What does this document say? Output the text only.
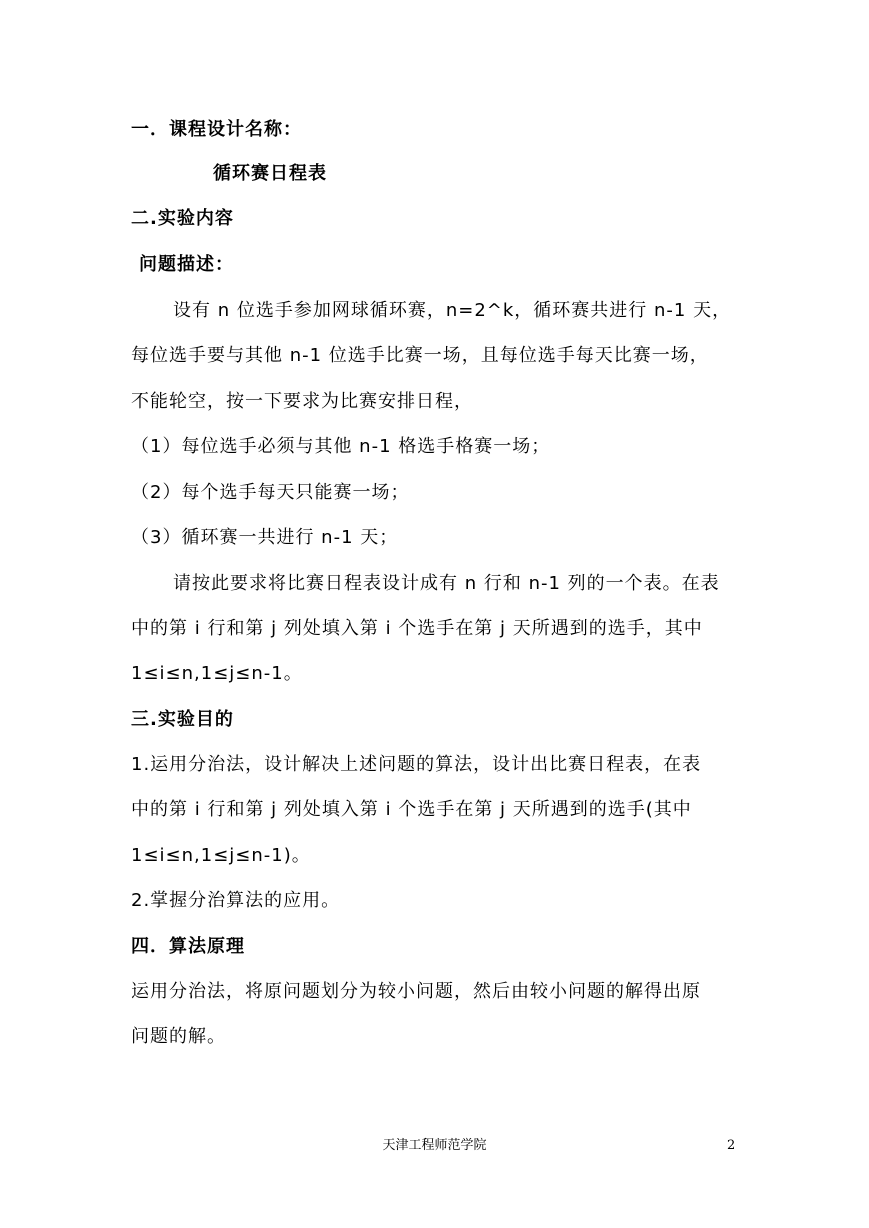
一．课程设计名称：
循环赛日程表
二.实验内容
问题描述：
设有 n 位选手参加网球循环赛，n=2^k，循环赛共进行 n-1 天，
每位选手要与其他 n-1 位选手比赛一场，且每位选手每天比赛一场，
不能轮空，按一下要求为比赛安排日程，
（1）每位选手必须与其他 n-1 格选手格赛一场；
（2）每个选手每天只能赛一场；
（3）循环赛一共进行 n-1 天；
请按此要求将比赛日程表设计成有 n 行和 n-1 列的一个表。在表
中的第 i 行和第 j 列处填入第 i 个选手在第 j 天所遇到的选手，其中
1≤i≤n,1≤j≤n-1。
三.实验目的
1.运用分治法，设计解决上述问题的算法，设计出比赛日程表，在表
中的第 i 行和第 j 列处填入第 i 个选手在第 j 天所遇到的选手(其中
1≤i≤n,1≤j≤n-1)。
2.掌握分治算法的应用。
四．算法原理
运用分治法，将原问题划分为较小问题，然后由较小问题的解得出原
问题的解。
天津工程师范学院	2
